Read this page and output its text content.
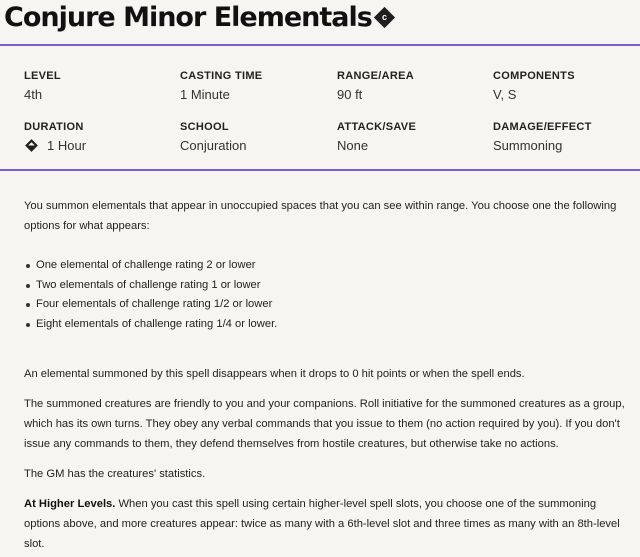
Conjure Minor Elementals	c
LEVEL
4th
CASTING TIME
1 Minute
RANGE/AREA
90 ft
COMPONENTS
V, S
DURATION
1 Hour
SCHOOL
Conjuration
ATTACK/SAVE
None
DAMAGE/EFFECT
Summoning

You summon elementals that appear in unoccupied spaces that you can see within range. You choose one the following options for what appears:

One elemental of challenge rating 2 or lower
Two elementals of challenge rating 1 or lower
Four elementals of challenge rating 1/2 or lower
Eight elementals of challenge rating 1/4 or lower.

An elemental summoned by this spell disappears when it drops to 0 hit points or when the spell ends.

The summoned creatures are friendly to you and your companions. Roll initiative for the summoned creatures as a group, which has its own turns. They obey any verbal commands that you issue to them (no action required by you). If you don't issue any commands to them, they defend themselves from hostile creatures, but otherwise take no actions.

The GM has the creatures' statistics.

At Higher Levels. When you cast this spell using certain higher-level spell slots, you choose one of the summoning options above, and more creatures appear: twice as many with a 6th-level slot and three times as many with an 8th-level slot.
